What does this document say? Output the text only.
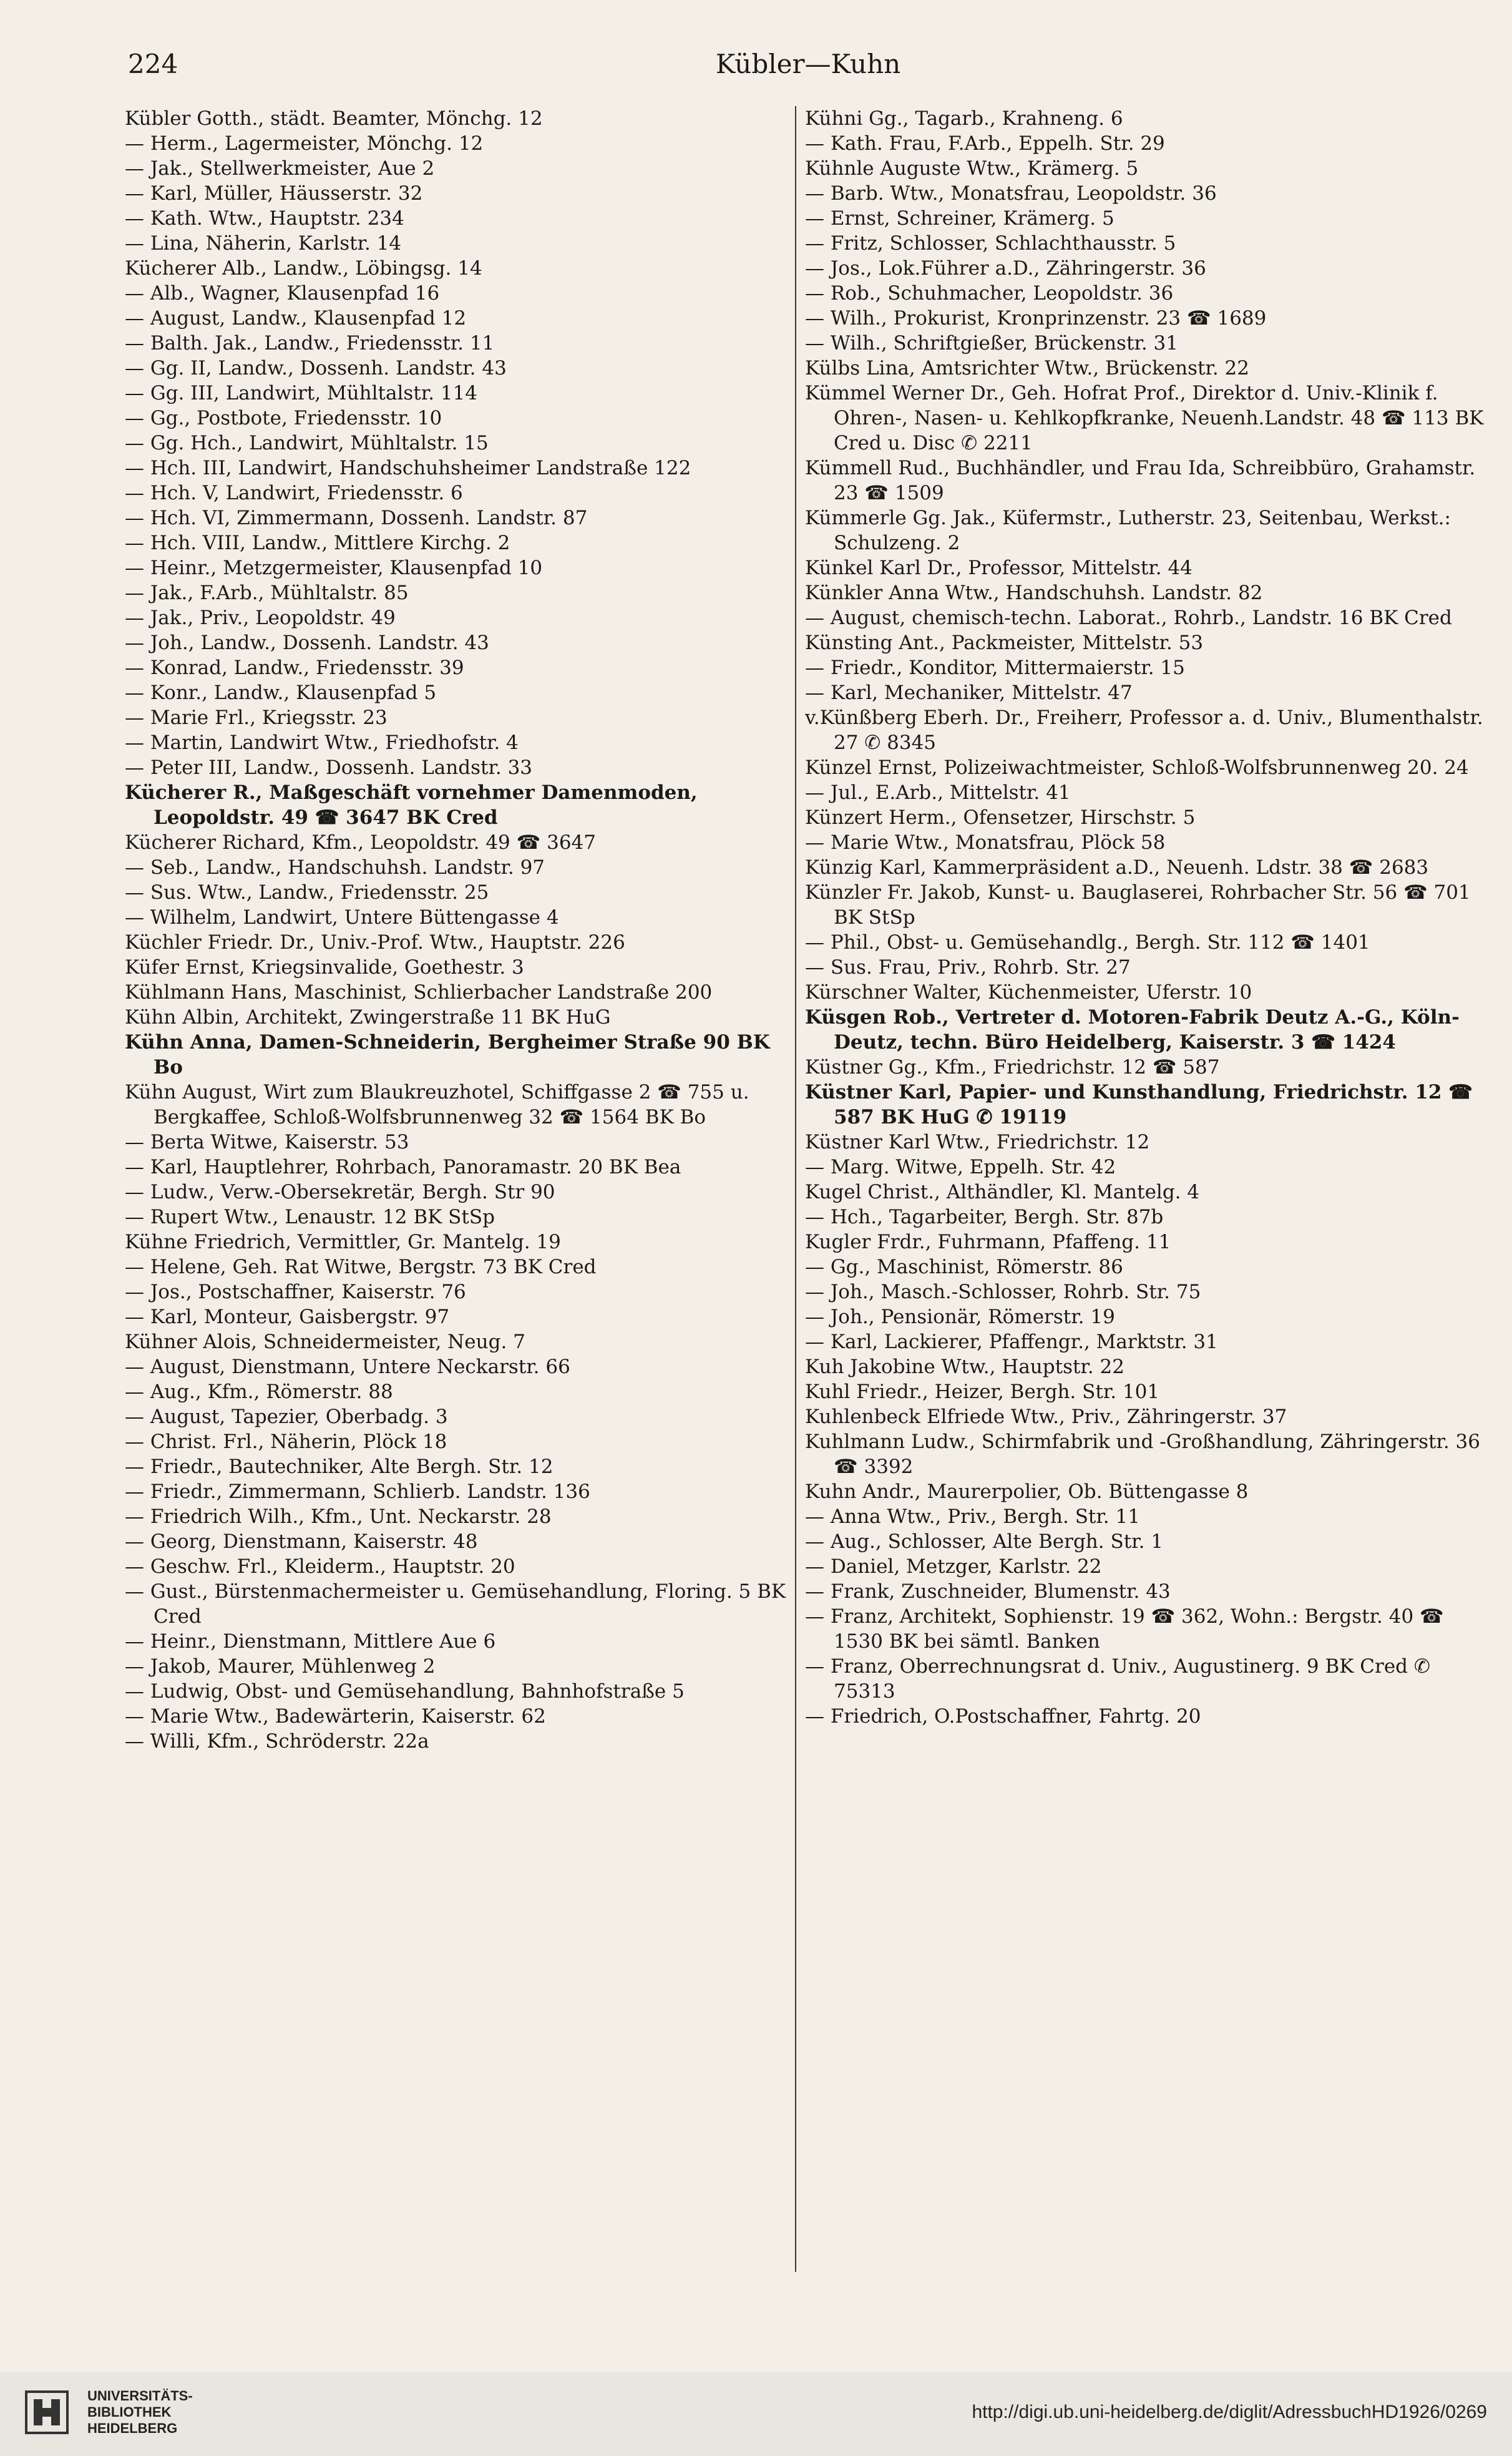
224	Kübler—Kuhn

Kübler Gotth., städt. Beamter, Mönchg. 12

— Herm., Lagermeister, Mönchg. 12

— Jak., Stellwerkmeister, Aue 2

— Karl, Müller, Häusserstr. 32

— Kath. Wtw., Hauptstr. 234

— Lina, Näherin, Karlstr. 14

Kücherer Alb., Landw., Löbingsg. 14

— Alb., Wagner, Klausenpfad 16

— August, Landw., Klausenpfad 12

— Balth. Jak., Landw., Friedensstr. 11

— Gg. II, Landw., Dossenh. Landstr. 43

— Gg. III, Landwirt, Mühltalstr. 114

— Gg., Postbote, Friedensstr. 10

— Gg. Hch., Landwirt, Mühltalstr. 15

— Hch. III, Landwirt, Handschuhsheimer Landstraße 122

— Hch. V, Landwirt, Friedensstr. 6

— Hch. VI, Zimmermann, Dossenh. Landstr. 87

— Hch. VIII, Landw., Mittlere Kirchg. 2

— Heinr., Metzgermeister, Klausenpfad 10

— Jak., F.Arb., Mühltalstr. 85

— Jak., Priv., Leopoldstr. 49

— Joh., Landw., Dossenh. Landstr. 43

— Konrad, Landw., Friedensstr. 39

— Konr., Landw., Klausenpfad 5

— Marie Frl., Kriegsstr. 23

— Martin, Landwirt Wtw., Friedhofstr. 4

— Peter III, Landw., Dossenh. Landstr. 33

Kücherer R., Maßgeschäft vornehmer Damenmoden, Leopoldstr. 49 ☎ 3647 BK Cred

Kücherer Richard, Kfm., Leopoldstr. 49 ☎ 3647

— Seb., Landw., Handschuhsh. Landstr. 97

— Sus. Wtw., Landw., Friedensstr. 25

— Wilhelm, Landwirt, Untere Büttengasse 4

Küchler Friedr. Dr., Univ.-Prof. Wtw., Hauptstr. 226

Küfer Ernst, Kriegsinvalide, Goethestr. 3

Kühlmann Hans, Maschinist, Schlierbacher Landstraße 200

Kühn Albin, Architekt, Zwingerstraße 11 BK HuG

Kühn Anna, Damen-Schneiderin, Bergheimer Straße 90 BK Bo

Kühn August, Wirt zum Blaukreuzhotel, Schiffgasse 2 ☎ 755 u. Bergkaffee, Schloß-Wolfsbrunnenweg 32 ☎ 1564 BK Bo

— Berta Witwe, Kaiserstr. 53

— Karl, Hauptlehrer, Rohrbach, Panoramastr. 20 BK Bea

— Ludw., Verw.-Obersekretär, Bergh. Str 90

— Rupert Wtw., Lenaustr. 12 BK StSp

Kühne Friedrich, Vermittler, Gr. Mantelg. 19

— Helene, Geh. Rat Witwe, Bergstr. 73 BK Cred

— Jos., Postschaffner, Kaiserstr. 76

— Karl, Monteur, Gaisbergstr. 97

Kühner Alois, Schneidermeister, Neug. 7

— August, Dienstmann, Untere Neckarstr. 66

— Aug., Kfm., Römerstr. 88

— August, Tapezier, Oberbadg. 3

— Christ. Frl., Näherin, Plöck 18

— Friedr., Bautechniker, Alte Bergh. Str. 12

— Friedr., Zimmermann, Schlierb. Landstr. 136

— Friedrich Wilh., Kfm., Unt. Neckarstr. 28

— Georg, Dienstmann, Kaiserstr. 48

— Geschw. Frl., Kleiderm., Hauptstr. 20

— Gust., Bürstenmachermeister u. Gemüsehandlung, Floring. 5 BK Cred

— Heinr., Dienstmann, Mittlere Aue 6

— Jakob, Maurer, Mühlenweg 2

— Ludwig, Obst- und Gemüsehandlung, Bahnhofstraße 5

— Marie Wtw., Badewärterin, Kaiserstr. 62

— Willi, Kfm., Schröderstr. 22a

Kühni Gg., Tagarb., Krahneng. 6

— Kath. Frau, F.Arb., Eppelh. Str. 29

Kühnle Auguste Wtw., Krämerg. 5

— Barb. Wtw., Monatsfrau, Leopoldstr. 36

— Ernst, Schreiner, Krämerg. 5

— Fritz, Schlosser, Schlachthausstr. 5

— Jos., Lok.Führer a.D., Zähringerstr. 36

— Rob., Schuhmacher, Leopoldstr. 36

— Wilh., Prokurist, Kronprinzenstr. 23 ☎ 1689

— Wilh., Schriftgießer, Brückenstr. 31

Külbs Lina, Amtsrichter Wtw., Brückenstr. 22

Kümmel Werner Dr., Geh. Hofrat Prof., Direktor d. Univ.-Klinik f. Ohren-, Nasen- u. Kehlkopfkranke, Neuenh.Landstr. 48 ☎ 113 BK Cred u. Disc ✆ 2211

Kümmell Rud., Buchhändler, und Frau Ida, Schreibbüro, Grahamstr. 23 ☎ 1509

Kümmerle Gg. Jak., Küfermstr., Lutherstr. 23, Seitenbau, Werkst.: Schulzeng. 2

Künkel Karl Dr., Professor, Mittelstr. 44

Künkler Anna Wtw., Handschuhsh. Landstr. 82

— August, chemisch-techn. Laborat., Rohrb., Landstr. 16 BK Cred

Künsting Ant., Packmeister, Mittelstr. 53

— Friedr., Konditor, Mittermaierstr. 15

— Karl, Mechaniker, Mittelstr. 47

v.Künßberg Eberh. Dr., Freiherr, Professor a. d. Univ., Blumenthalstr. 27 ✆ 8345

Künzel Ernst, Polizeiwachtmeister, Schloß-Wolfsbrunnenweg 20. 24

— Jul., E.Arb., Mittelstr. 41

Künzert Herm., Ofensetzer, Hirschstr. 5

— Marie Wtw., Monatsfrau, Plöck 58

Künzig Karl, Kammerpräsident a.D., Neuenh. Ldstr. 38 ☎ 2683

Künzler Fr. Jakob, Kunst- u. Bauglaserei, Rohrbacher Str. 56 ☎ 701 BK StSp

— Phil., Obst- u. Gemüsehandlg., Bergh. Str. 112 ☎ 1401

— Sus. Frau, Priv., Rohrb. Str. 27

Kürschner Walter, Küchenmeister, Uferstr. 10

Küsgen Rob., Vertreter d. Motoren-Fabrik Deutz A.-G., Köln-Deutz, techn. Büro Heidelberg, Kaiserstr. 3 ☎ 1424

Küstner Gg., Kfm., Friedrichstr. 12 ☎ 587

Küstner Karl, Papier- und Kunsthandlung, Friedrichstr. 12 ☎ 587 BK HuG ✆ 19119

Küstner Karl Wtw., Friedrichstr. 12

— Marg. Witwe, Eppelh. Str. 42

Kugel Christ., Althändler, Kl. Mantelg. 4

— Hch., Tagarbeiter, Bergh. Str. 87b

Kugler Frdr., Fuhrmann, Pfaffeng. 11

— Gg., Maschinist, Römerstr. 86

— Joh., Masch.-Schlosser, Rohrb. Str. 75

— Joh., Pensionär, Römerstr. 19

— Karl, Lackierer, Pfaffengr., Marktstr. 31

Kuh Jakobine Wtw., Hauptstr. 22

Kuhl Friedr., Heizer, Bergh. Str. 101

Kuhlenbeck Elfriede Wtw., Priv., Zähringerstr. 37

Kuhlmann Ludw., Schirmfabrik und -Großhandlung, Zähringerstr. 36 ☎ 3392

Kuhn Andr., Maurerpolier, Ob. Büttengasse 8

— Anna Wtw., Priv., Bergh. Str. 11

— Aug., Schlosser, Alte Bergh. Str. 1

— Daniel, Metzger, Karlstr. 22

— Frank, Zuschneider, Blumenstr. 43

— Franz, Architekt, Sophienstr. 19 ☎ 362, Wohn.: Bergstr. 40 ☎ 1530 BK bei sämtl. Banken

— Franz, Oberrechnungsrat d. Univ., Augustinerg. 9 BK Cred ✆ 75313

— Friedrich, O.Postschaffner, Fahrtg. 20

UNIVERSITÄTS-
BIBLIOTHEK
HEIDELBERG
http://digi.ub.uni-heidelberg.de/diglit/AdressbuchHD1926/0269
